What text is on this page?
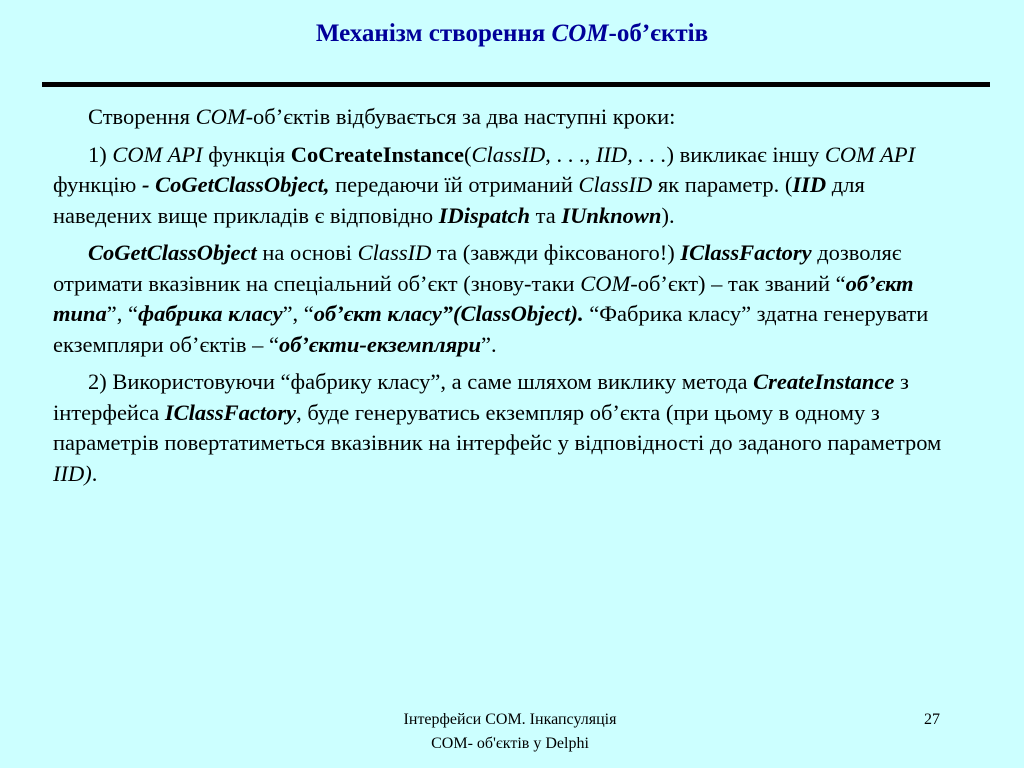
Механізм створення COM-об’єктів

Створення COM-об’єктів відбувається за два наступні кроки:

1) COM API функція CoCreateInstance(ClassID, . . ., IID, . . .) викликає іншу COM API функцію - CoGetClassObject, передаючи їй отриманий ClassID як параметр. (IID для наведених вище прикладів є відповідно IDispatch та IUnknown).

CoGetClassObject на основі ClassID та (завжди фіксованого!) IClassFactory дозволяє отримати вказівник на спеціальний об’єкт (знову-таки COM-об’єкт) – так званий “об’єкт типа”, “фабрика класу”, “об’єкт класу”(ClassObject). “Фабрика класу” здатна генерувати екземпляри об’єктів – “об’єкти-екземпляри”.

2) Використовуючи “фабрику класу”, а саме шляхом виклику метода CreateInstance з інтерфейса IClassFactory, буде генеруватись екземпляр об’єкта (при цьому в одному з параметрів повертатиметься вказівник на інтерфейс у відповідності до заданого параметром IID).

Інтерфейси COM. Інкапсуляція
COM- об'єктів у Delphi
27
